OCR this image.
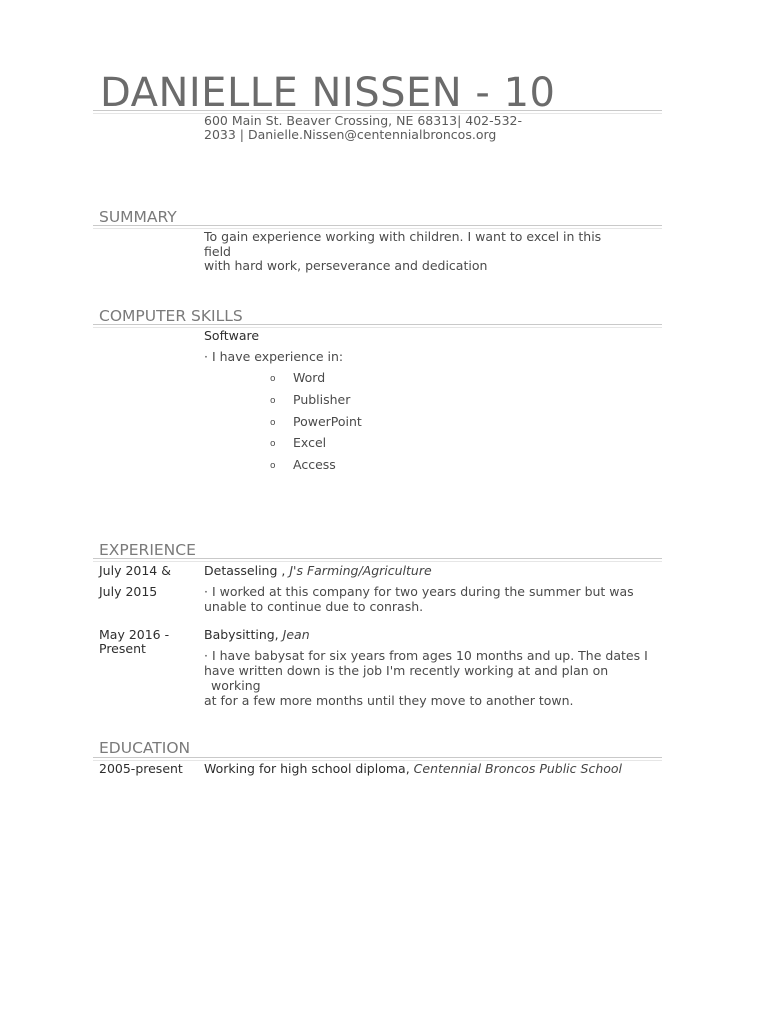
DANIELLE NISSEN - 10
600 Main St. Beaver Crossing, NE 68313| 402-532-
2033 | Danielle.Nissen@centennialbroncos.org
SUMMARY
To gain experience working with children. I want to excel in this field
with hard work, perseverance and dedication
COMPUTER SKILLS
Software
· I have experience in:
o Word
o Publisher
o PowerPoint
o Excel
o Access
EXPERIENCE
July 2014 &
July 2015
Detasseling , J's Farming/Agriculture
· I worked at this company for two years during the summer but was
unable to continue due to conrash.
May 2016 -
Present
Babysitting, Jean
· I have babysat for six years from ages 10 months and up. The dates I
have written down is the job I'm recently working at and plan on working
at for a few more months until they move to another town.
EDUCATION
2005-present Working for high school diploma, Centennial Broncos Public School
